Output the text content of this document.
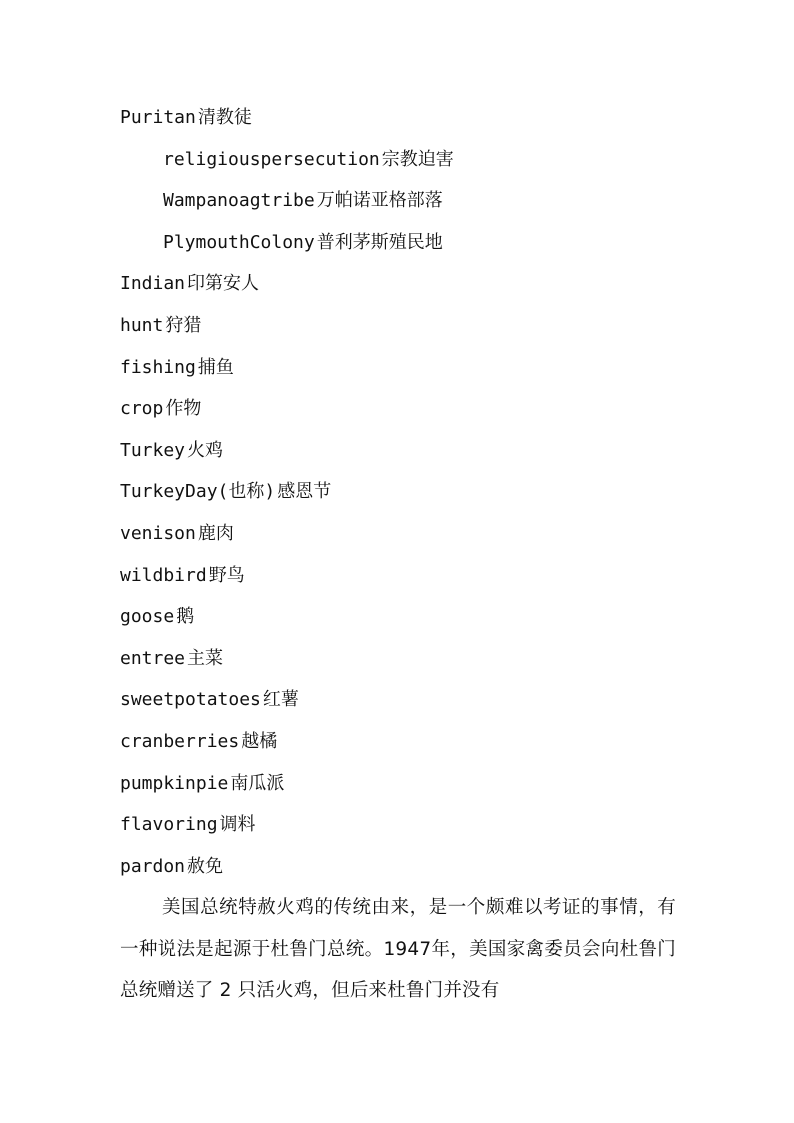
Puritan 清教徒
religiouspersecution 宗教迫害
Wampanoagtribe 万帕诺亚格部落
PlymouthColony 普利茅斯殖民地
Indian 印第安人
hunt 狩猎
fishing 捕鱼
crop 作物
Turkey 火鸡
TurkeyDay(也称) 感恩节
venison 鹿肉
wildbird 野鸟
goose 鹅
entree 主菜
sweetpotatoes 红薯
cranberries 越橘
pumpkinpie 南瓜派
flavoring 调料
pardon 赦免
美国总统特赦火鸡的传统由来，是一个颇难以考证的事情，有一种说法是起源于杜鲁门总统。1947年，美国家禽委员会向杜鲁门总统赠送了 2 只活火鸡，但后来杜鲁门并没有
